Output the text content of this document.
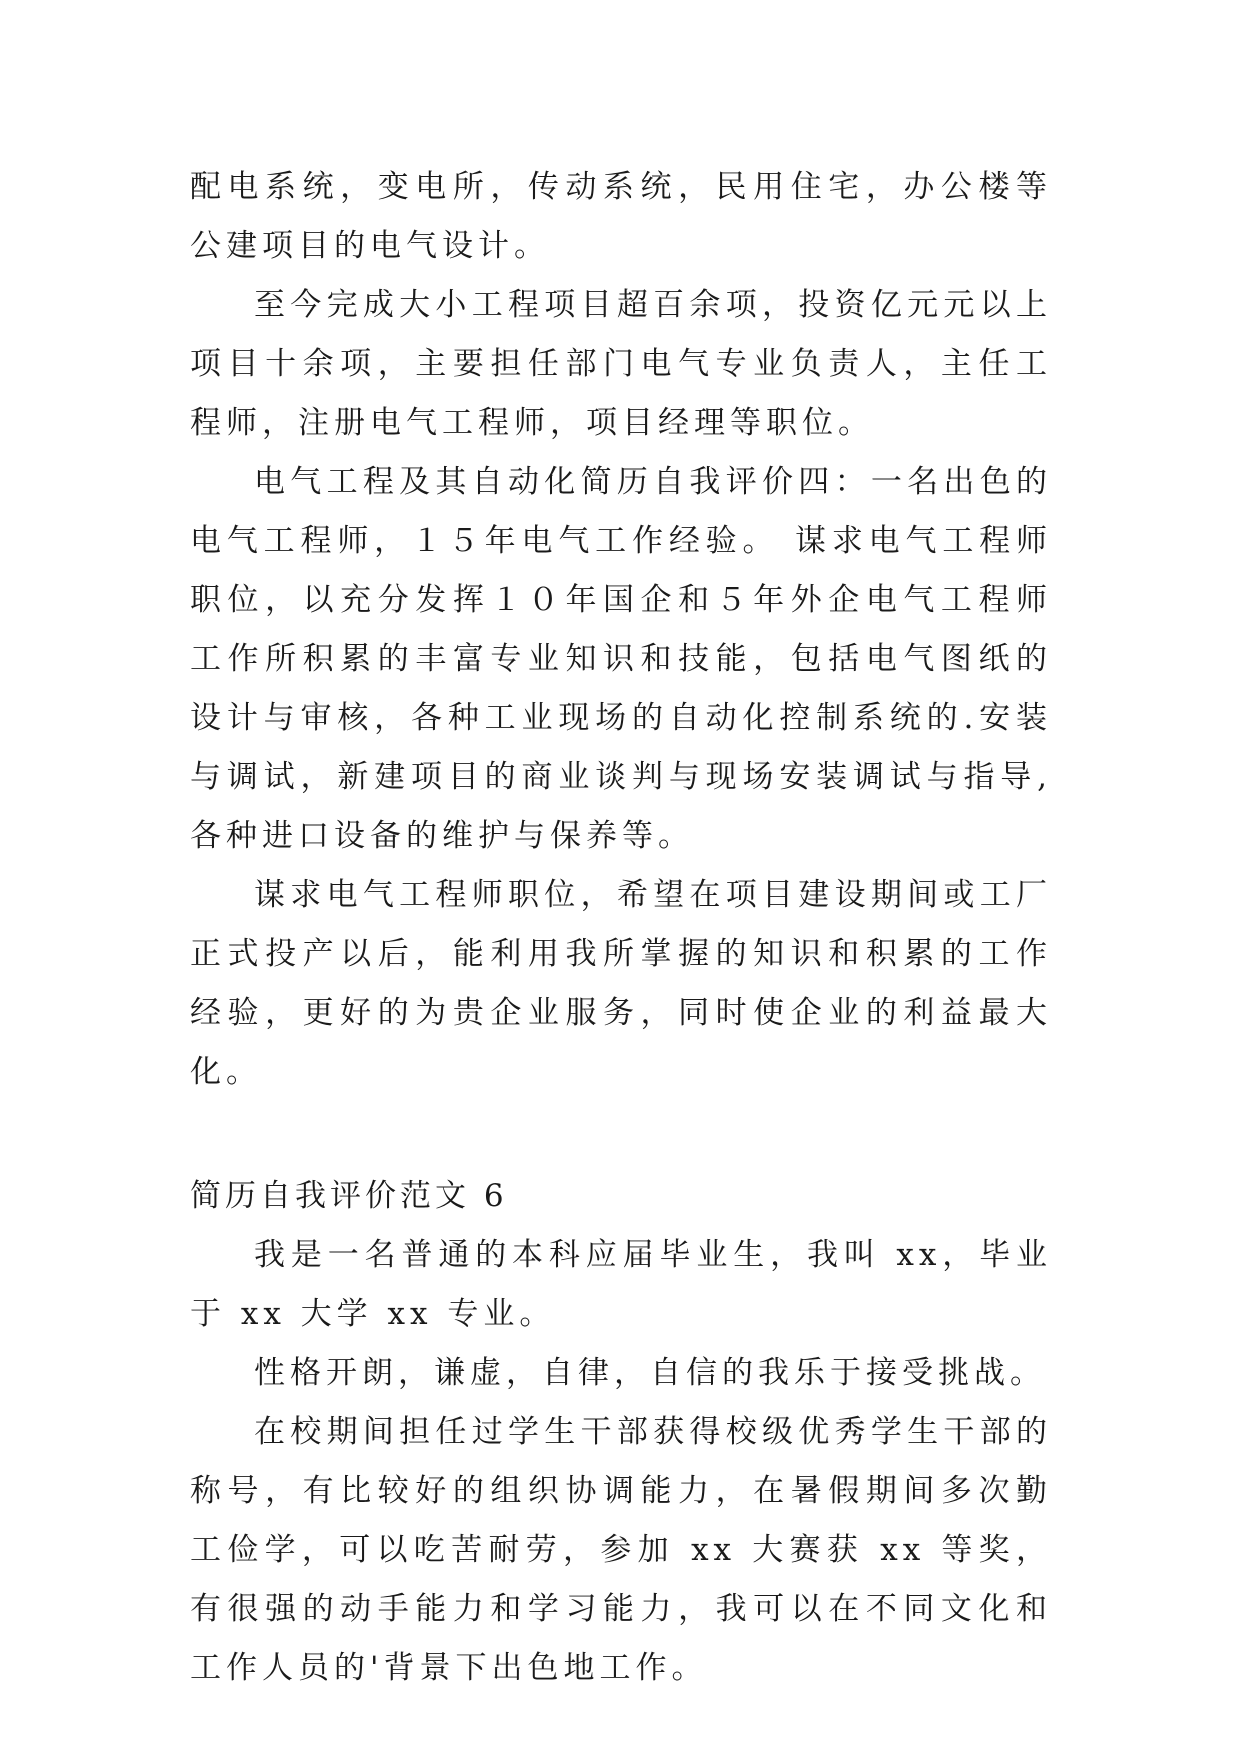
配电系统，变电所，传动系统，民用住宅，办公楼等公建项目的电气设计。

至今完成大小工程项目超百余项，投资亿元元以上项目十余项，主要担任部门电气专业负责人，主任工程师，注册电气工程师，项目经理等职位。

电气工程及其自动化简历自我评价四：一名出色的电气工程师，１５年电气工作经验。 谋求电气工程师职位，以充分发挥１０年国企和５年外企电气工程师工作所积累的丰富专业知识和技能，包括电气图纸的设计与审核，各种工业现场的自动化控制系统的.安装与调试，新建项目的商业谈判与现场安装调试与指导,各种进口设备的维护与保养等。

谋求电气工程师职位，希望在项目建设期间或工厂正式投产以后，能利用我所掌握的知识和积累的工作经验，更好的为贵企业服务，同时使企业的利益最大化。

简历自我评价范文 6

我是一名普通的本科应届毕业生，我叫 xx，毕业于 xx 大学 xx 专业。

性格开朗，谦虚，自律，自信的我乐于接受挑战。

在校期间担任过学生干部获得校级优秀学生干部的称号，有比较好的组织协调能力，在暑假期间多次勤工俭学，可以吃苦耐劳，参加 xx 大赛获 xx 等奖，有很强的动手能力和学习能力，我可以在不同文化和工作人员的'背景下出色地工作。
